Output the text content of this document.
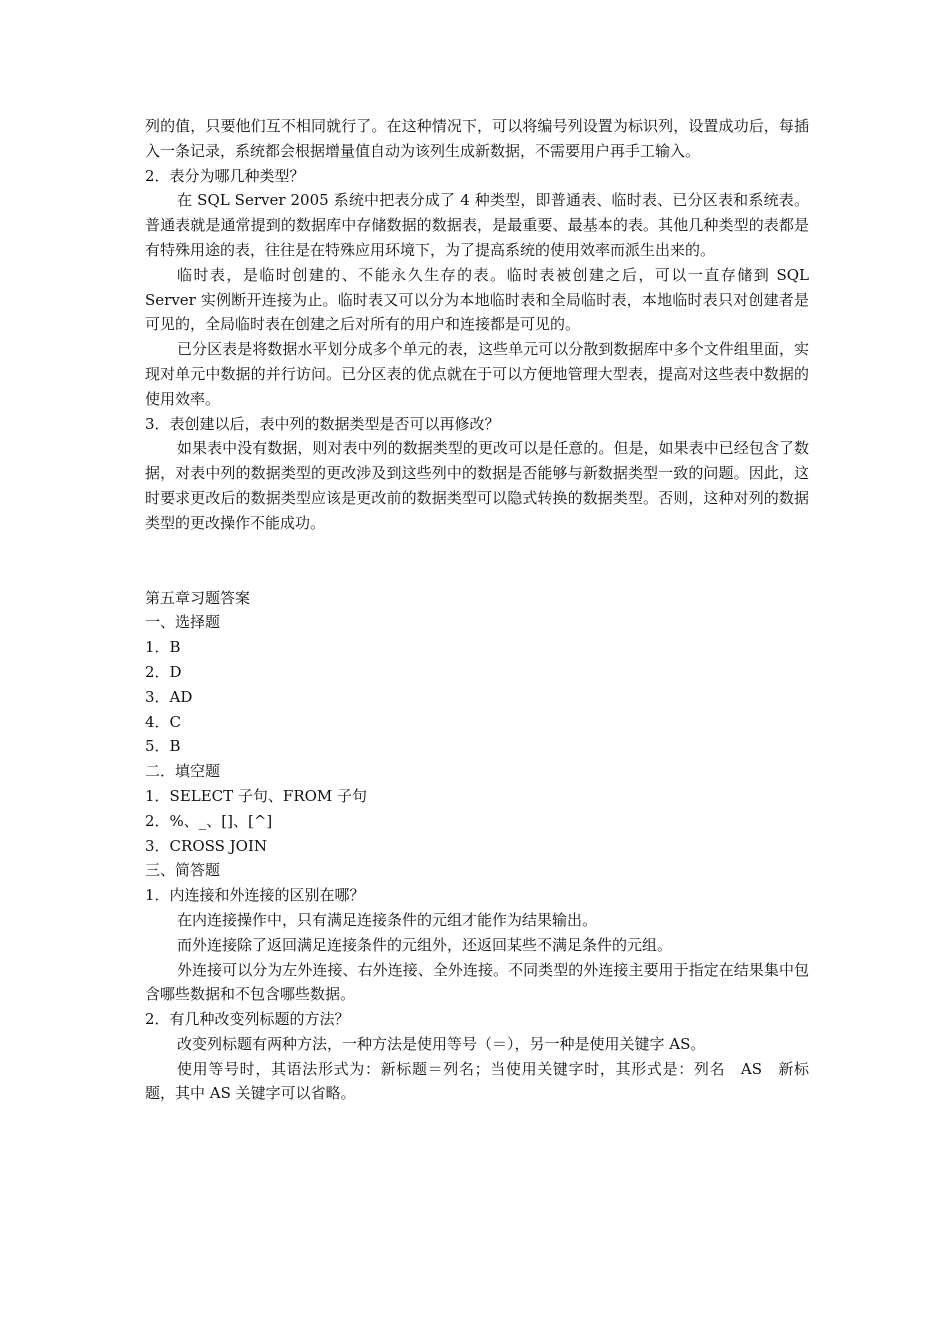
列的值，只要他们互不相同就行了。在这种情况下，可以将编号列设置为标识列，设置成功后，每插入一条记录，系统都会根据增量值自动为该列生成新数据，不需要用户再手工输入。

2．表分为哪几种类型？

在 SQL Server 2005 系统中把表分成了 4 种类型，即普通表、临时表、已分区表和系统表。普通表就是通常提到的数据库中存储数据的数据表，是最重要、最基本的表。其他几种类型的表都是有特殊用途的表，往往是在特殊应用环境下，为了提高系统的使用效率而派生出来的。

临时表，是临时创建的、不能永久生存的表。临时表被创建之后，可以一直存储到 SQL Server 实例断开连接为止。临时表又可以分为本地临时表和全局临时表，本地临时表只对创建者是可见的，全局临时表在创建之后对所有的用户和连接都是可见的。

已分区表是将数据水平划分成多个单元的表，这些单元可以分散到数据库中多个文件组里面，实现对单元中数据的并行访问。已分区表的优点就在于可以方便地管理大型表，提高对这些表中数据的使用效率。

3．表创建以后，表中列的数据类型是否可以再修改？

如果表中没有数据，则对表中列的数据类型的更改可以是任意的。但是，如果表中已经包含了数据，对表中列的数据类型的更改涉及到这些列中的数据是否能够与新数据类型一致的问题。因此，这时要求更改后的数据类型应该是更改前的数据类型可以隐式转换的数据类型。否则，这种对列的数据类型的更改操作不能成功。

第五章习题答案

一、选择题

1．B

2．D

3．AD

4．C

5．B

二．填空题

1．SELECT 子句、FROM 子句

2．%、_、[]、[^]

3．CROSS JOIN

三、简答题

1．内连接和外连接的区别在哪？

在内连接操作中，只有满足连接条件的元组才能作为结果输出。

而外连接除了返回满足连接条件的元组外，还返回某些不满足条件的元组。

外连接可以分为左外连接、右外连接、全外连接。不同类型的外连接主要用于指定在结果集中包含哪些数据和不包含哪些数据。

2．有几种改变列标题的方法？

改变列标题有两种方法，一种方法是使用等号（＝），另一种是使用关键字 AS。

使用等号时，其语法形式为：新标题＝列名；当使用关键字时，其形式是：列名　AS　新标题，其中 AS 关键字可以省略。
